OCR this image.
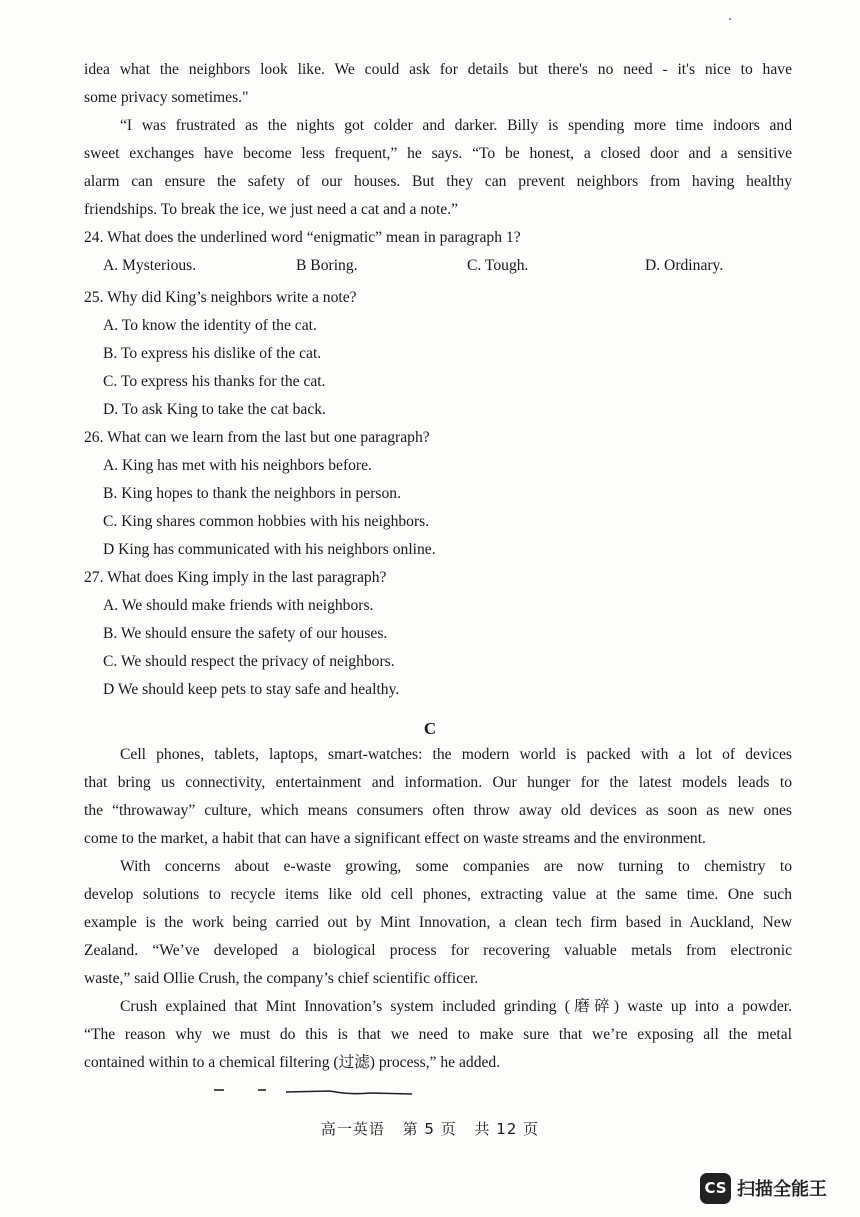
idea what the neighbors look like. We could ask for details but there's no need - it's nice to have
some privacy sometimes."
“I was frustrated as the nights got colder and darker. Billy is spending more time indoors and
sweet exchanges have become less frequent,” he says. “To be honest, a closed door and a sensitive
alarm can ensure the safety of our houses. But they can prevent neighbors from having healthy
friendships. To break the ice, we just need a cat and a note.”
24. What does the underlined word “enigmatic” mean in paragraph 1?
A. Mysterious.	B Boring.	C. Tough.	D. Ordinary.
25. Why did King’s neighbors write a note?
A. To know the identity of the cat.
B. To express his dislike of the cat.
C. To express his thanks for the cat.
D. To ask King to take the cat back.
26. What can we learn from the last but one paragraph?
A. King has met with his neighbors before.
B. King hopes to thank the neighbors in person.
C. King shares common hobbies with his neighbors.
D King has communicated with his neighbors online.
27. What does King imply in the last paragraph?
A. We should make friends with neighbors.
B. We should ensure the safety of our houses.
C. We should respect the privacy of neighbors.
D We should keep pets to stay safe and healthy.
C
Cell phones, tablets, laptops, smart-watches: the modern world is packed with a lot of devices
that bring us connectivity, entertainment and information. Our hunger for the latest models leads to
the “throwaway” culture, which means consumers often throw away old devices as soon as new ones
come to the market, a habit that can have a significant effect on waste streams and the environment.
With concerns about e-waste growing, some companies are now turning to chemistry to
develop solutions to recycle items like old cell phones, extracting value at the same time. One such
example is the work being carried out by Mint Innovation, a clean tech firm based in Auckland, New
Zealand. “We’ve developed a biological process for recovering valuable metals from electronic
waste,” said Ollie Crush, the company’s chief scientific officer.
Crush explained that Mint Innovation’s system included grinding (磨碎) waste up into a powder.
“The reason why we must do this is that we need to make sure that we’re exposing all the metal
contained within to a chemical filtering (过滤) process,” he added.
高一英语 第 5 页 共 12 页
CS 扫描全能王
